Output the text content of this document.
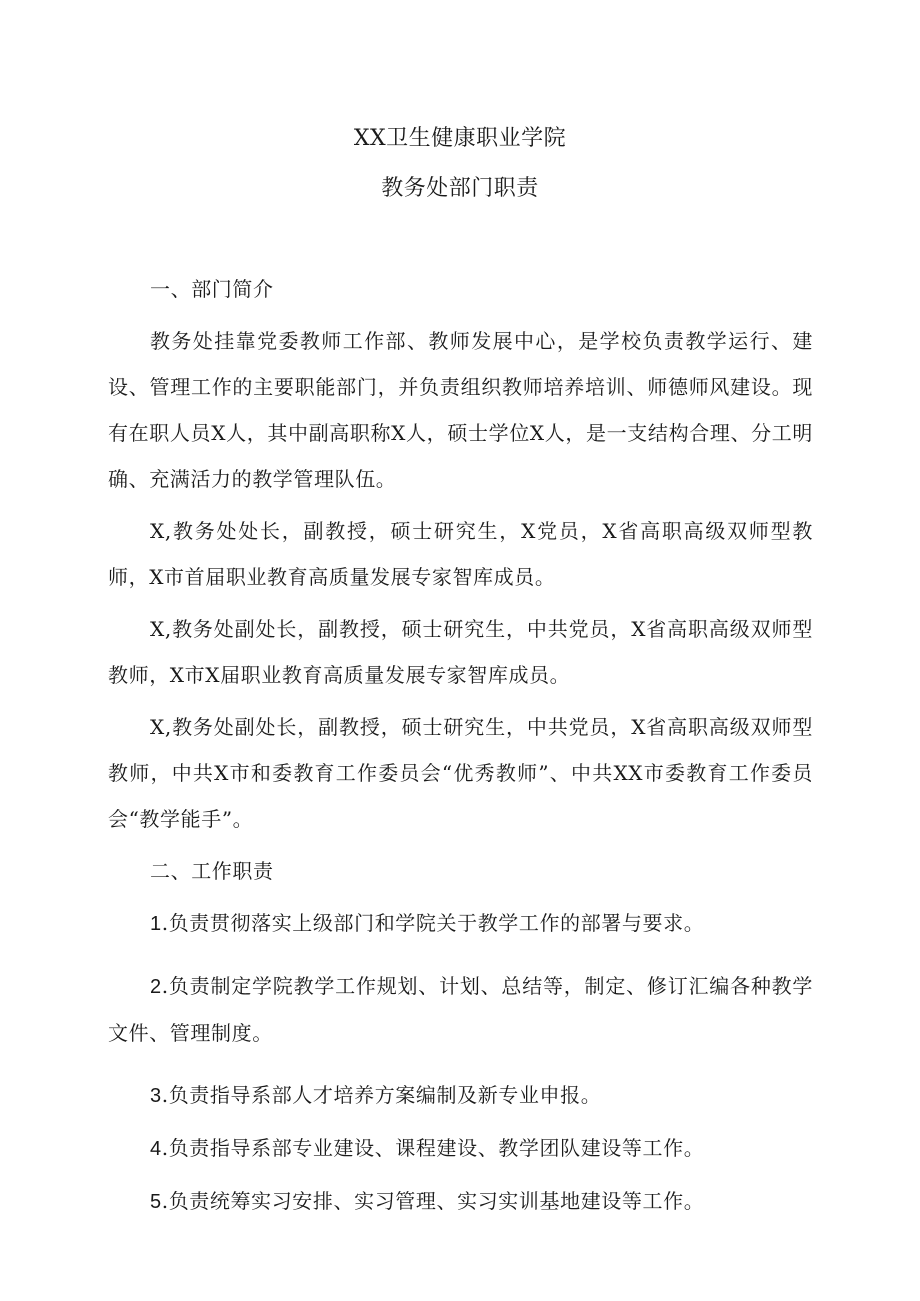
XX卫生健康职业学院
教务处部门职责

一、部门简介

教务处挂靠党委教师工作部、教师发展中心，是学校负责教学运行、建设、管理工作的主要职能部门，并负责组织教师培养培训、师德师风建设。现有在职人员X人，其中副高职称X人，硕士学位X人，是一支结构合理、分工明确、充满活力的教学管理队伍。

X,教务处处长，副教授，硕士研究生，X党员，X省高职高级双师型教师，X市首届职业教育高质量发展专家智库成员。

X,教务处副处长，副教授，硕士研究生，中共党员，X省高职高级双师型教师，X市X届职业教育高质量发展专家智库成员。

X,教务处副处长，副教授，硕士研究生，中共党员，X省高职高级双师型教师，中共X市和委教育工作委员会“优秀教师”、中共XX市委教育工作委员会“教学能手”。

二、工作职责

1.负责贯彻落实上级部门和学院关于教学工作的部署与要求。

2.负责制定学院教学工作规划、计划、总结等，制定、修订汇编各种教学文件、管理制度。

3.负责指导系部人才培养方案编制及新专业申报。

4.负责指导系部专业建设、课程建设、教学团队建设等工作。

5.负责统筹实习安排、实习管理、实习实训基地建设等工作。
